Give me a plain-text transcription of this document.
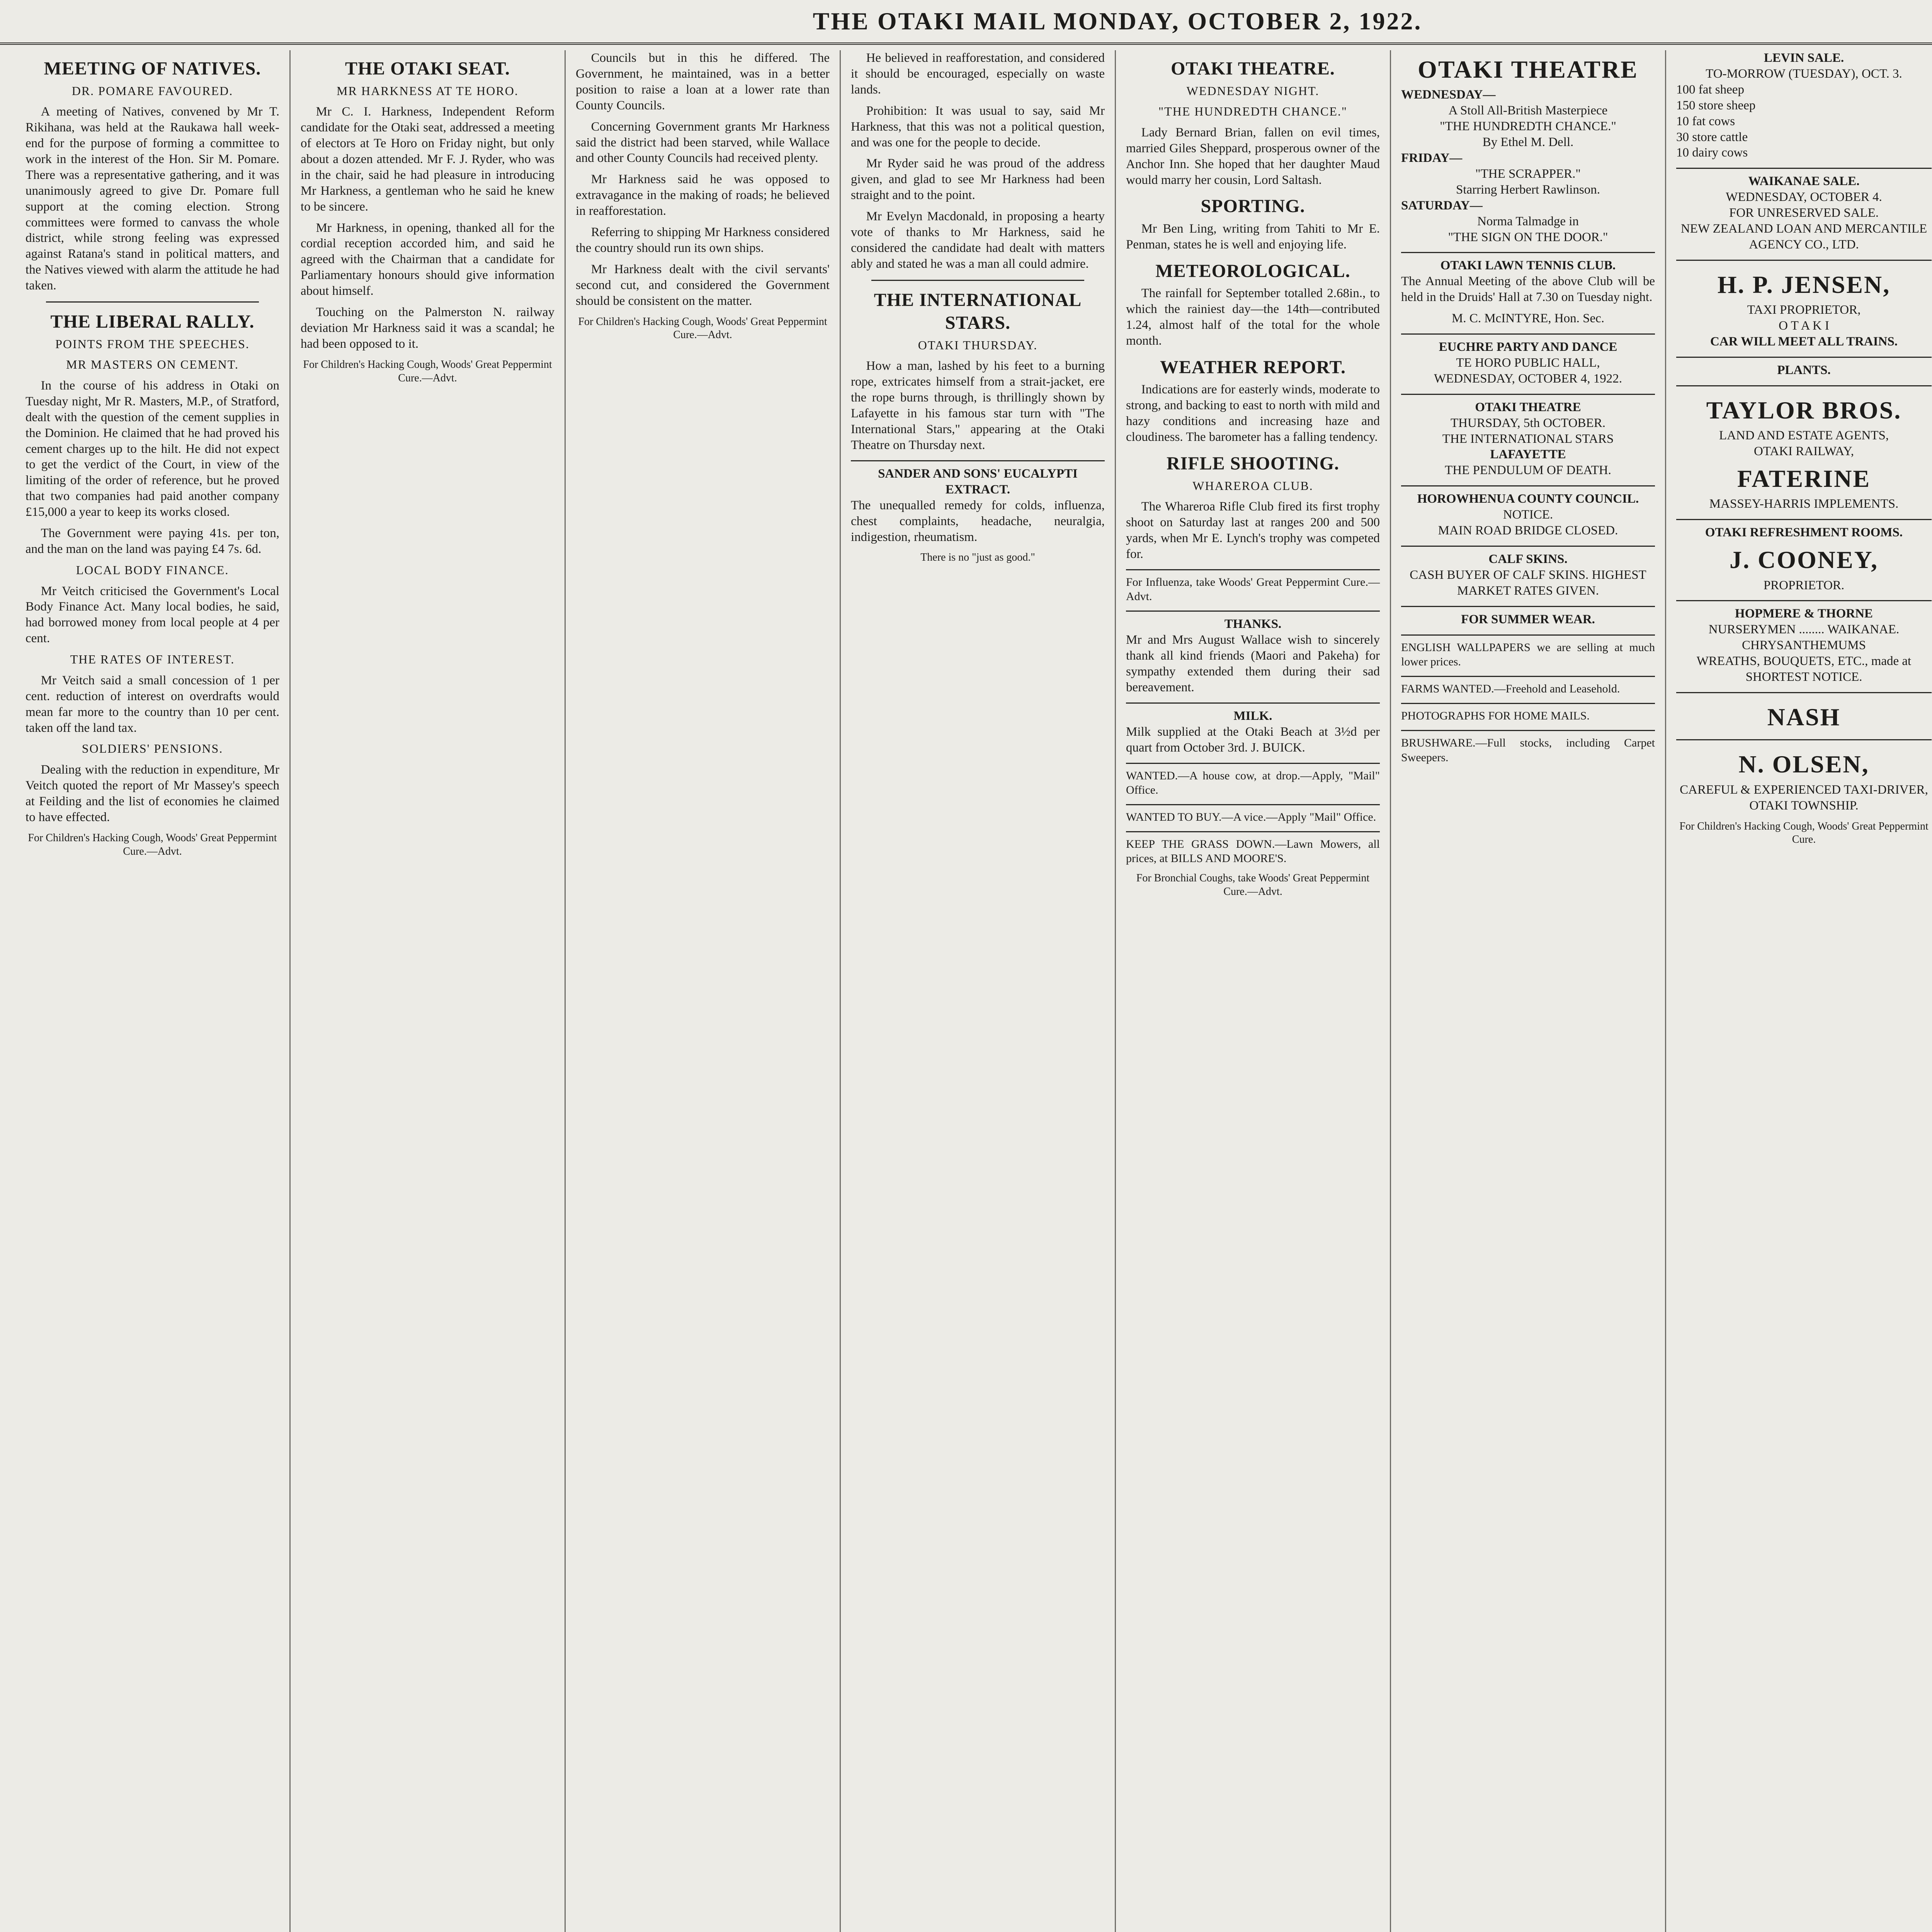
THE OTAKI MAIL MONDAY, OCTOBER 2, 1922.
MEETING OF NATIVES.
DR. POMARE FAVOURED.

A meeting of Natives, convened by Mr T. Rikihana, was held at the Raukawa hall week-end for the purpose of forming a committee to work in the interest of the Hon. Sir M. Pomare. There was a representative gathering, and it was unanimously agreed to give Dr. Pomare full support at the coming election. Strong committees were formed to canvass the whole district, while strong feeling was expressed against Ratana's stand in political matters, and the Natives viewed with alarm the attitude he had taken.

THE LIBERAL RALLY.
POINTS FROM THE SPEECHES.
MR MASTERS ON CEMENT.

In the course of his address in Otaki on Tuesday night, Mr R. Masters, M.P., of Stratford, dealt with the question of the cement supplies in the Dominion. He claimed that he had proved his cement charges up to the hilt. He did not expect to get the verdict of the Court, in view of the limiting of the order of reference, but he proved that two companies had paid another company £15,000 a year to keep its works closed.

The Government were paying 41s. per ton, and the man on the land was paying £4 7s. 6d.

LOCAL BODY FINANCE.

Mr Veitch criticised the Government's Local Body Finance Act. Many local bodies, he said, had borrowed money from local people at 4 per cent.

THE RATES OF INTEREST.

Mr Veitch said a small concession of 1 per cent. reduction of interest on overdrafts would mean far more to the country than 10 per cent. taken off the land tax.

SOLDIERS' PENSIONS.

Dealing with the reduction in expenditure, Mr Veitch quoted the report of Mr Massey's speech at Feilding and the list of economies he claimed to have effected.

For Children's Hacking Cough, Woods' Great Peppermint Cure.—Advt.
THE OTAKI SEAT.
MR HARKNESS AT TE HORO.

Mr C. I. Harkness, Independent Reform candidate for the Otaki seat, addressed a meeting of electors at Te Horo on Friday night, but only about a dozen attended. Mr F. J. Ryder, who was in the chair, said he had pleasure in introducing Mr Harkness, a gentleman who he said he knew to be sincere.

Mr Harkness, in opening, thanked all for the cordial reception accorded him, and said he agreed with the Chairman that a candidate for Parliamentary honours should give information about himself.

Touching on the Palmerston N. railway deviation Mr Harkness said it was a scandal; he had been opposed to it.

For Children's Hacking Cough, Woods' Great Peppermint Cure.—Advt.

Councils but in this he differed. The Government, he maintained, was in a better position to raise a loan at a lower rate than County Councils.

Concerning Government grants Mr Harkness said the district had been starved, while Wallace and other County Councils had received plenty.

Mr Harkness said he was opposed to extravagance in the making of roads; he believed in reafforestation.

Referring to shipping Mr Harkness considered the country should run its own ships.

Mr Harkness dealt with the civil servants' second cut, and considered the Government should be consistent on the matter.

For Children's Hacking Cough, Woods' Great Peppermint Cure.—Advt.

He believed in reafforestation, and considered it should be encouraged, especially on waste lands.

Prohibition: It was usual to say, said Mr Harkness, that this was not a political question, and was one for the people to decide.

Mr Ryder said he was proud of the address given, and glad to see Mr Harkness had been straight and to the point.

Mr Evelyn Macdonald, in proposing a hearty vote of thanks to Mr Harkness, said he considered the candidate had dealt with matters ably and stated he was a man all could admire.

THE INTERNATIONAL STARS.
OTAKI THURSDAY.

How a man, lashed by his feet to a burning rope, extricates himself from a strait-jacket, ere the rope burns through, is thrillingly shown by Lafayette in his famous star turn with "The International Stars," appearing at the Otaki Theatre on Thursday next.

SANDER AND SONS' EUCALYPTI EXTRACT.

The unequalled remedy for colds, influenza, chest complaints, headache, neuralgia, indigestion, rheumatism.

There is no "just as good."
OTAKI THEATRE.
WEDNESDAY NIGHT.
"THE HUNDREDTH CHANCE."

Lady Bernard Brian, fallen on evil times, married Giles Sheppard, prosperous owner of the Anchor Inn. She hoped that her daughter Maud would marry her cousin, Lord Saltash.

SPORTING.

Mr Ben Ling, writing from Tahiti to Mr E. Penman, states he is well and enjoying life.

METEOROLOGICAL.

The rainfall for September totalled 2.68in., to which the rainiest day—the 14th—contributed 1.24, almost half of the total for the whole month.

WEATHER REPORT.

Indications are for easterly winds, moderate to strong, and backing to east to north with mild and hazy conditions and increasing haze and cloudiness. The barometer has a falling tendency.

RIFLE SHOOTING.
WHAREROA CLUB.

The Whareroa Rifle Club fired its first trophy shoot on Saturday last at ranges 200 and 500 yards, when Mr E. Lynch's trophy was competed for.

For Influenza, take Woods' Great Peppermint Cure.—Advt.
THANKS.

Mr and Mrs August Wallace wish to sincerely thank all kind friends (Maori and Pakeha) for sympathy extended them during their sad bereavement.

MILK.

Milk supplied at the Otaki Beach at 3½d per quart from October 3rd. J. BUICK.

WANTED.—A house cow, at drop.—Apply, "Mail" Office.
WANTED TO BUY.—A vice.—Apply "Mail" Office.
KEEP THE GRASS DOWN.—Lawn Mowers, all prices, at BILLS AND MOORE'S.
For Bronchial Coughs, take Woods' Great Peppermint Cure.—Advt.
OTAKI THEATRE
WEDNESDAY—
A Stoll All-British Masterpiece
"THE HUNDREDTH CHANCE."
By Ethel M. Dell.
FRIDAY—
"THE SCRAPPER."
Starring Herbert Rawlinson.
SATURDAY—
Norma Talmadge in
"THE SIGN ON THE DOOR."
OTAKI LAWN TENNIS CLUB.

The Annual Meeting of the above Club will be held in the Druids' Hall at 7.30 on Tuesday night.

M. C. McINTYRE, Hon. Sec.
EUCHRE PARTY AND DANCE
TE HORO PUBLIC HALL,
WEDNESDAY, OCTOBER 4, 1922.
OTAKI THEATRE
THURSDAY, 5th OCTOBER.
THE INTERNATIONAL STARS
LAFAYETTE
THE PENDULUM OF DEATH.
HOROWHENUA COUNTY COUNCIL.
NOTICE.
MAIN ROAD BRIDGE CLOSED.
CALF SKINS.
CASH BUYER OF CALF SKINS. HIGHEST MARKET RATES GIVEN.
FOR SUMMER WEAR.
ENGLISH WALLPAPERS we are selling at much lower prices.
FARMS WANTED.—Freehold and Leasehold.
PHOTOGRAPHS FOR HOME MAILS.
BRUSHWARE.—Full stocks, including Carpet Sweepers.
LEVIN SALE.
TO-MORROW (TUESDAY), OCT. 3.
100 fat sheep
150 store sheep
10 fat cows
30 store cattle
10 dairy cows
WAIKANAE SALE.
WEDNESDAY, OCTOBER 4.
FOR UNRESERVED SALE.
NEW ZEALAND LOAN AND MERCANTILE AGENCY CO., LTD.
H. P. JENSEN,
TAXI PROPRIETOR,
O T A K I
CAR WILL MEET ALL TRAINS.
PLANTS.
TAYLOR BROS.
LAND AND ESTATE AGENTS,
OTAKI RAILWAY,
FATERINE
MASSEY-HARRIS IMPLEMENTS.
OTAKI REFRESHMENT ROOMS.
J. COONEY,
PROPRIETOR.
HOPMERE & THORNE
NURSERYMEN ........ WAIKANAE.
CHRYSANTHEMUMS
WREATHS, BOUQUETS, ETC., made at SHORTEST NOTICE.
NASH
N. OLSEN,
CAREFUL & EXPERIENCED TAXI-DRIVER,
OTAKI TOWNSHIP.
For Children's Hacking Cough, Woods' Great Peppermint Cure.
